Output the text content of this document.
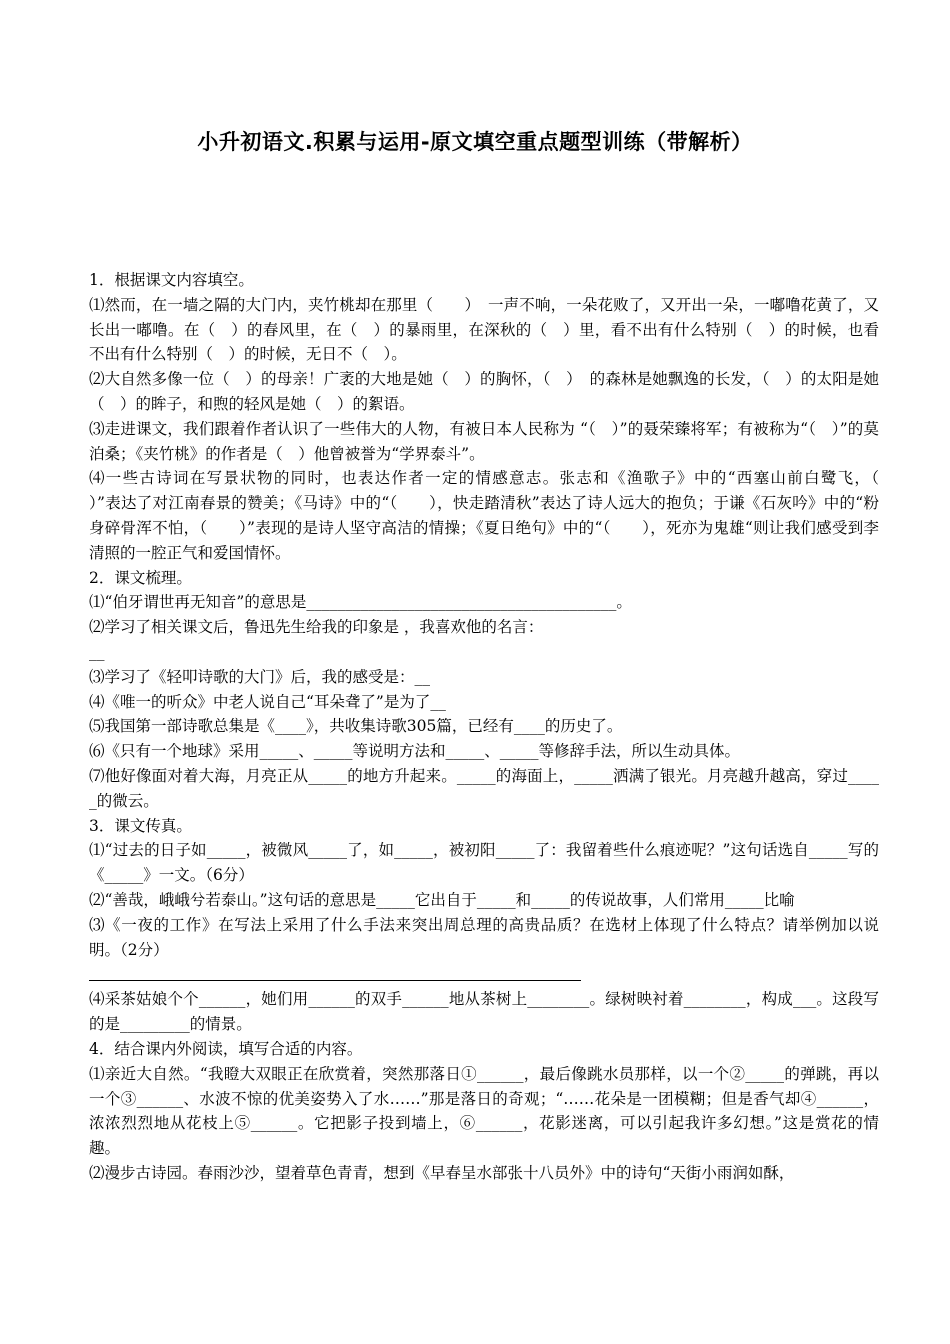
小升初语文.积累与运用-原文填空重点题型训练（带解析）

1．根据课文内容填空。

⑴然而，在一墙之隔的大门内，夹竹桃却在那里（　　）　一声不响，一朵花败了，又开出一朵，一嘟噜花黄了，又长出一嘟噜。在（　）的春风里，在（　）的暴雨里，在深秋的（　）里，看不出有什么特别（　）的时候，也看不出有什么特别（　）的时候，无日不（　）。

⑵大自然多像一位（　）的母亲！广袤的大地是她（　）的胸怀，（　）　的森林是她飘逸的长发，（　）的太阳是她（　）的眸子，和煦的轻风是她（　）的絮语。

⑶走进课文，我们跟着作者认识了一些伟大的人物，有被日本人民称为 “（　）”的聂荣臻将军；有被称为“（　）”的莫泊桑；《夹竹桃》的作者是（　）他曾被誉为“学界泰斗”。

⑷一些古诗词在写景状物的同时，也表达作者一定的情感意志。张志和《渔歌子》中的“西塞山前白鹭飞，（　　）”表达了对江南春景的赞美；《马诗》中的“（　　），快走踏清秋”表达了诗人远大的抱负；于谦《石灰吟》中的“粉身碎骨浑不怕，（　　）”表现的是诗人坚守高洁的情操；《夏日绝句》中的“（　　），死亦为鬼雄“则让我们感受到李清照的一腔正气和爱国情怀。

2．课文梳理。

⑴“伯牙谓世再无知音”的意思是________________________________________。

⑵学习了相关课文后，鲁迅先生给我的印象是 ，我喜欢他的名言：

__

⑶学习了《轻叩诗歌的大门》后，我的感受是：__

⑷《唯一的听众》中老人说自己“耳朵聋了”是为了__

⑸我国第一部诗歌总集是《____》，共收集诗歌305篇，已经有____的历史了。

⑹《只有一个地球》采用_____、_____等说明方法和_____、_____等修辞手法，所以生动具体。

⑺他好像面对着大海，月亮正从_____的地方升起来。_____的海面上，_____洒满了银光。月亮越升越高，穿过_____的微云。

3．课文传真。

⑴“过去的日子如_____，被微风_____了，如_____，被初阳_____了：我留着些什么痕迹呢？”这句话选自_____写的《_____》一文。（6分）

⑵“善哉，峨峨兮若泰山。”这句话的意思是_____它出自于_____和_____的传说故事，人们常用_____比喻

⑶《一夜的工作》在写法上采用了什么手法来突出周总理的高贵品质？在选材上体现了什么特点？请举例加以说明。（2分）

⑷采茶姑娘个个______，她们用______的双手______地从茶树上________。绿树映衬着________，构成___。这段写的是_________的情景。

4．结合课内外阅读，填写合适的内容。

⑴亲近大自然。“我瞪大双眼正在欣赏着，突然那落日①______，最后像跳水员那样，以一个②_____的弹跳，再以一个③______、水波不惊的优美姿势入了水……”那是落日的奇观；“……花朵是一团模糊；但是香气却④______，浓浓烈烈地从花枝上⑤______。它把影子投到墙上，⑥______，花影迷离，可以引起我许多幻想。”这是赏花的情趣。

⑵漫步古诗园。春雨沙沙，望着草色青青，想到《早春呈水部张十八员外》中的诗句“天街小雨润如酥，
